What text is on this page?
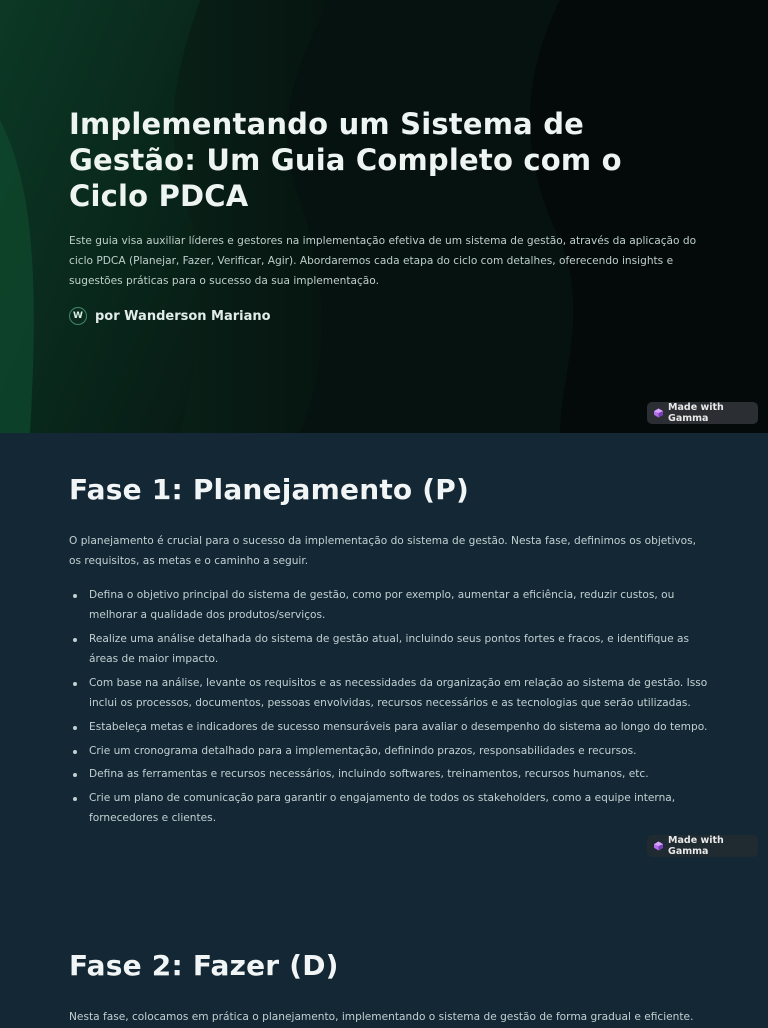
Implementando um Sistema de Gestão: Um Guia Completo com o Ciclo PDCA

Este guia visa auxiliar líderes e gestores na implementação efetiva de um sistema de gestão, através da aplicação do ciclo PDCA (Planejar, Fazer, Verificar, Agir). Abordaremos cada etapa do ciclo com detalhes, oferecendo insights e sugestões práticas para o sucesso da sua implementação.

W por Wanderson Mariano
Made with Gamma
Fase 1: Planejamento (P)

O planejamento é crucial para o sucesso da implementação do sistema de gestão. Nesta fase, definimos os objetivos, os requisitos, as metas e o caminho a seguir.

Defina o objetivo principal do sistema de gestão, como por exemplo, aumentar a eficiência, reduzir custos, ou melhorar a qualidade dos produtos/serviços.
Realize uma análise detalhada do sistema de gestão atual, incluindo seus pontos fortes e fracos, e identifique as áreas de maior impacto.
Com base na análise, levante os requisitos e as necessidades da organização em relação ao sistema de gestão. Isso inclui os processos, documentos, pessoas envolvidas, recursos necessários e as tecnologias que serão utilizadas.
Estabeleça metas e indicadores de sucesso mensuráveis para avaliar o desempenho do sistema ao longo do tempo.
Crie um cronograma detalhado para a implementação, definindo prazos, responsabilidades e recursos.
Defina as ferramentas e recursos necessários, incluindo softwares, treinamentos, recursos humanos, etc.
Crie um plano de comunicação para garantir o engajamento de todos os stakeholders, como a equipe interna, fornecedores e clientes.
Made with Gamma
Fase 2: Fazer (D)

Nesta fase, colocamos em prática o planejamento, implementando o sistema de gestão de forma gradual e eficiente.
